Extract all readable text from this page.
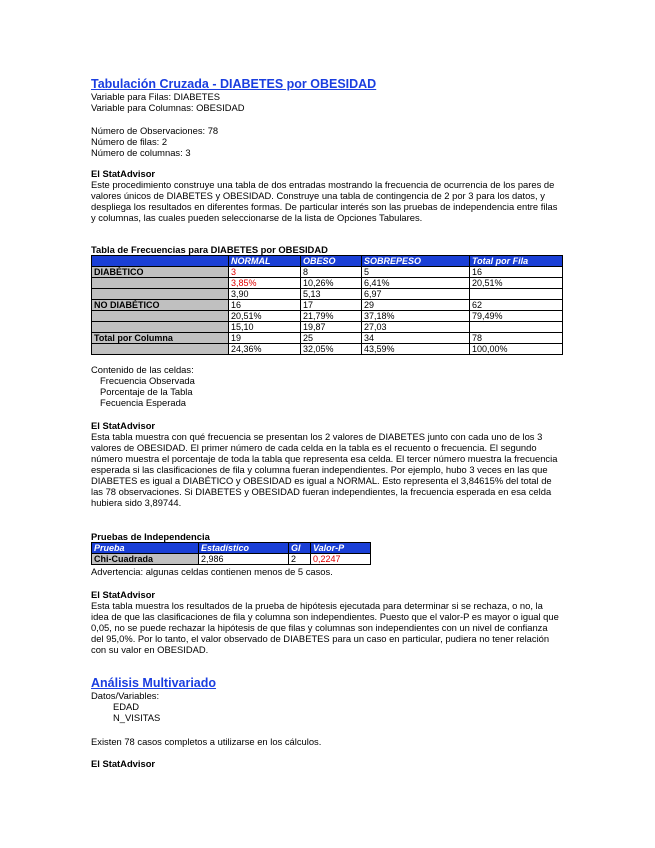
Tabulación Cruzada - DIABETES por OBESIDAD
Variable para Filas: DIABETES
Variable para Columnas: OBESIDAD
Número de Observaciones: 78
Número de filas: 2
Número de columnas: 3
El StatAdvisor

Este procedimiento construye una tabla de dos entradas mostrando la frecuencia de ocurrencia de los pares de valores únicos de DIABETES y OBESIDAD. Construye una tabla de contingencia de 2 por 3 para los datos, y despliega los resultados en diferentes formas. De particular interés son las pruebas de independencia entre filas y columnas, las cuales pueden seleccionarse de la lista de Opciones Tabulares.

Tabla de Frecuencias para DIABETES por OBESIDAD
	NORMAL	OBESO	SOBREPESO	Total por Fila
DIABÉTICO	3	8	5	16
	3,85%	10,26%	6,41%	20,51%
	3,90	5,13	6,97	
NO DIABÉTICO	16	17	29	62
	20,51%	21,79%	37,18%	79,49%
	15,10	19,87	27,03	
Total por Columna	19	25	34	78
	24,36%	32,05%	43,59%	100,00%
Contenido de las celdas:
Frecuencia Observada
Porcentaje de la Tabla
Fecuencia Esperada
El StatAdvisor

Esta tabla muestra con qué frecuencia se presentan los 2 valores de DIABETES junto con cada uno de los 3 valores de OBESIDAD. El primer número de cada celda en la tabla es el recuento o frecuencia. El segundo número muestra el porcentaje de toda la tabla que representa esa celda. El tercer número muestra la frecuencia esperada si las clasificaciones de fila y columna fueran independientes. Por ejemplo, hubo 3 veces en las que DIABETES es igual a DIABÉTICO y OBESIDAD es igual a NORMAL. Esto representa el 3,84615% del total de las 78 observaciones. Si DIABETES y OBESIDAD fueran independientes, la frecuencia esperada en esa celda hubiera sido 3,89744.

Pruebas de Independencia
Prueba	Estadístico	Gl	Valor-P
Chi-Cuadrada	2,986	2	0,2247
Advertencia: algunas celdas contienen menos de 5 casos.
El StatAdvisor

Esta tabla muestra los resultados de la prueba de hipótesis ejecutada para determinar si se rechaza, o no, la idea de que las clasificaciones de fila y columna son independientes. Puesto que el valor-P es mayor o igual que 0,05, no se puede rechazar la hipótesis de que filas y columnas son independientes con un nivel de confianza del 95,0%. Por lo tanto, el valor observado de DIABETES para un caso en particular, pudiera no tener relación con su valor en OBESIDAD.

Análisis Multivariado
Datos/Variables:
EDAD
N_VISITAS
Existen 78 casos completos a utilizarse en los cálculos.
El StatAdvisor
